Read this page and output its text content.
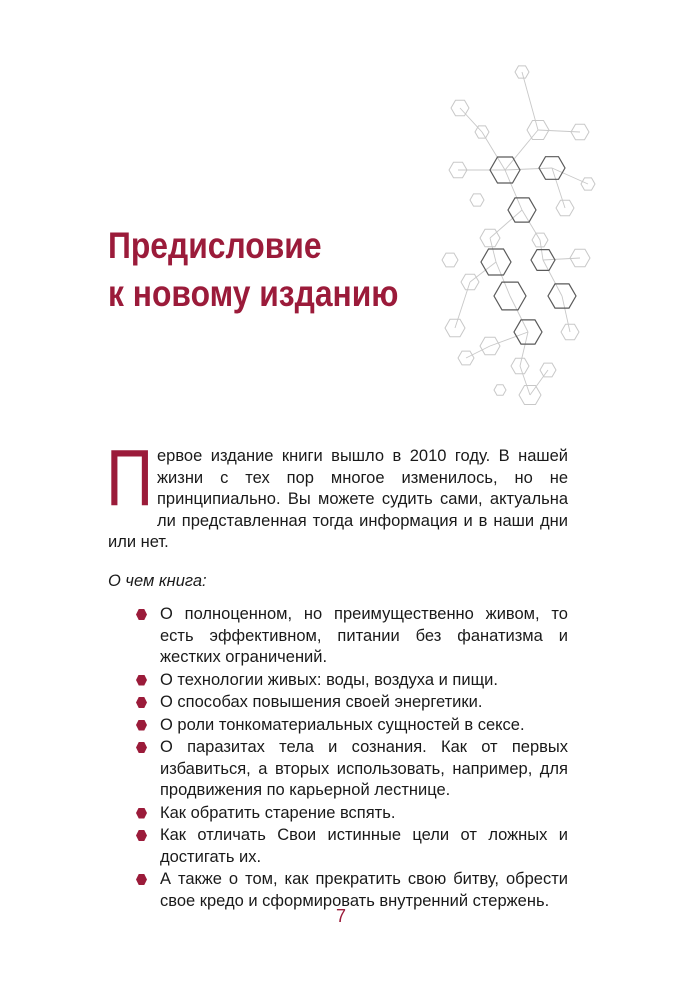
Предисловие
к новому изданию

Первое издание книги вышло в 2010 году. В нашей жизни с тех пор многое изменилось, но не принципиально. Вы можете судить сами, актуальна ли представленная тогда информация и в наши дни или нет.

О чем книга:

О полноценном, но преимущественно живом, то есть эффективном, питании без фанатизма и жестких ограничений.
О технологии живых: воды, воздуха и пищи.
О способах повышения своей энергетики.
О роли тонкоматериальных сущностей в сексе.
О паразитах тела и сознания. Как от первых избавиться, а вторых использовать, например, для продвижения по карьерной лестнице.
Как обратить старение вспять.
Как отличать Свои истинные цели от ложных и достигать их.
А также о том, как прекратить свою битву, обрести свое кредо и сформировать внутренний стержень.
7
